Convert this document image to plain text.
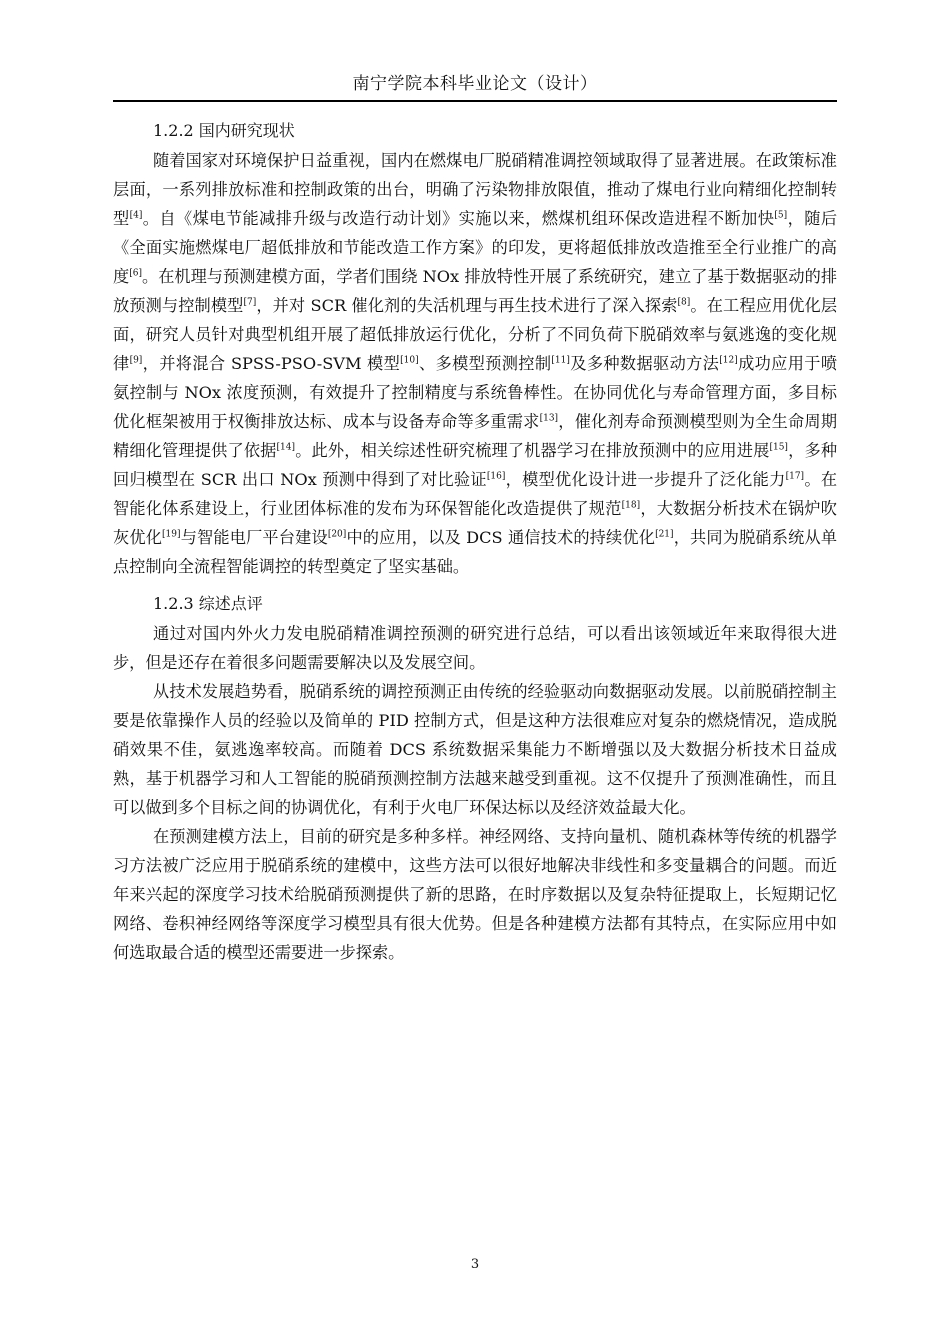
南宁学院本科毕业论文（设计）

1.2.2 国内研究现状

随着国家对环境保护日益重视，国内在燃煤电厂脱硝精准调控领域取得了显著进展。在政策标准层面，一系列排放标准和控制政策的出台，明确了污染物排放限值，推动了煤电行业向精细化控制转型[4]。自《煤电节能减排升级与改造行动计划》实施以来，燃煤机组环保改造进程不断加快[5]，随后《全面实施燃煤电厂超低排放和节能改造工作方案》的印发，更将超低排放改造推至全行业推广的高度[6]。在机理与预测建模方面，学者们围绕 NOx 排放特性开展了系统研究，建立了基于数据驱动的排放预测与控制模型[7]，并对 SCR 催化剂的失活机理与再生技术进行了深入探索[8]。在工程应用优化层面，研究人员针对典型机组开展了超低排放运行优化，分析了不同负荷下脱硝效率与氨逃逸的变化规律[9]，并将混合 SPSS-PSO-SVM 模型[10]、多模型预测控制[11]及多种数据驱动方法[12]成功应用于喷氨控制与 NOx 浓度预测，有效提升了控制精度与系统鲁棒性。在协同优化与寿命管理方面，多目标优化框架被用于权衡排放达标、成本与设备寿命等多重需求[13]，催化剂寿命预测模型则为全生命周期精细化管理提供了依据[14]。此外，相关综述性研究梳理了机器学习在排放预测中的应用进展[15]，多种回归模型在 SCR 出口 NOx 预测中得到了对比验证[16]，模型优化设计进一步提升了泛化能力[17]。在智能化体系建设上，行业团体标准的发布为环保智能化改造提供了规范[18]，大数据分析技术在锅炉吹灰优化[19]与智能电厂平台建设[20]中的应用，以及 DCS 通信技术的持续优化[21]，共同为脱硝系统从单点控制向全流程智能调控的转型奠定了坚实基础。

1.2.3 综述点评

通过对国内外火力发电脱硝精准调控预测的研究进行总结，可以看出该领域近年来取得很大进步，但是还存在着很多问题需要解决以及发展空间。

从技术发展趋势看，脱硝系统的调控预测正由传统的经验驱动向数据驱动发展。以前脱硝控制主要是依靠操作人员的经验以及简单的 PID 控制方式，但是这种方法很难应对复杂的燃烧情况，造成脱硝效果不佳，氨逃逸率较高。而随着 DCS 系统数据采集能力不断增强以及大数据分析技术日益成熟，基于机器学习和人工智能的脱硝预测控制方法越来越受到重视。这不仅提升了预测准确性，而且可以做到多个目标之间的协调优化，有利于火电厂环保达标以及经济效益最大化。

在预测建模方法上，目前的研究是多种多样。神经网络、支持向量机、随机森林等传统的机器学习方法被广泛应用于脱硝系统的建模中，这些方法可以很好地解决非线性和多变量耦合的问题。而近年来兴起的深度学习技术给脱硝预测提供了新的思路，在时序数据以及复杂特征提取上，长短期记忆网络、卷积神经网络等深度学习模型具有很大优势。但是各种建模方法都有其特点，在实际应用中如何选取最合适的模型还需要进一步探索。

3
